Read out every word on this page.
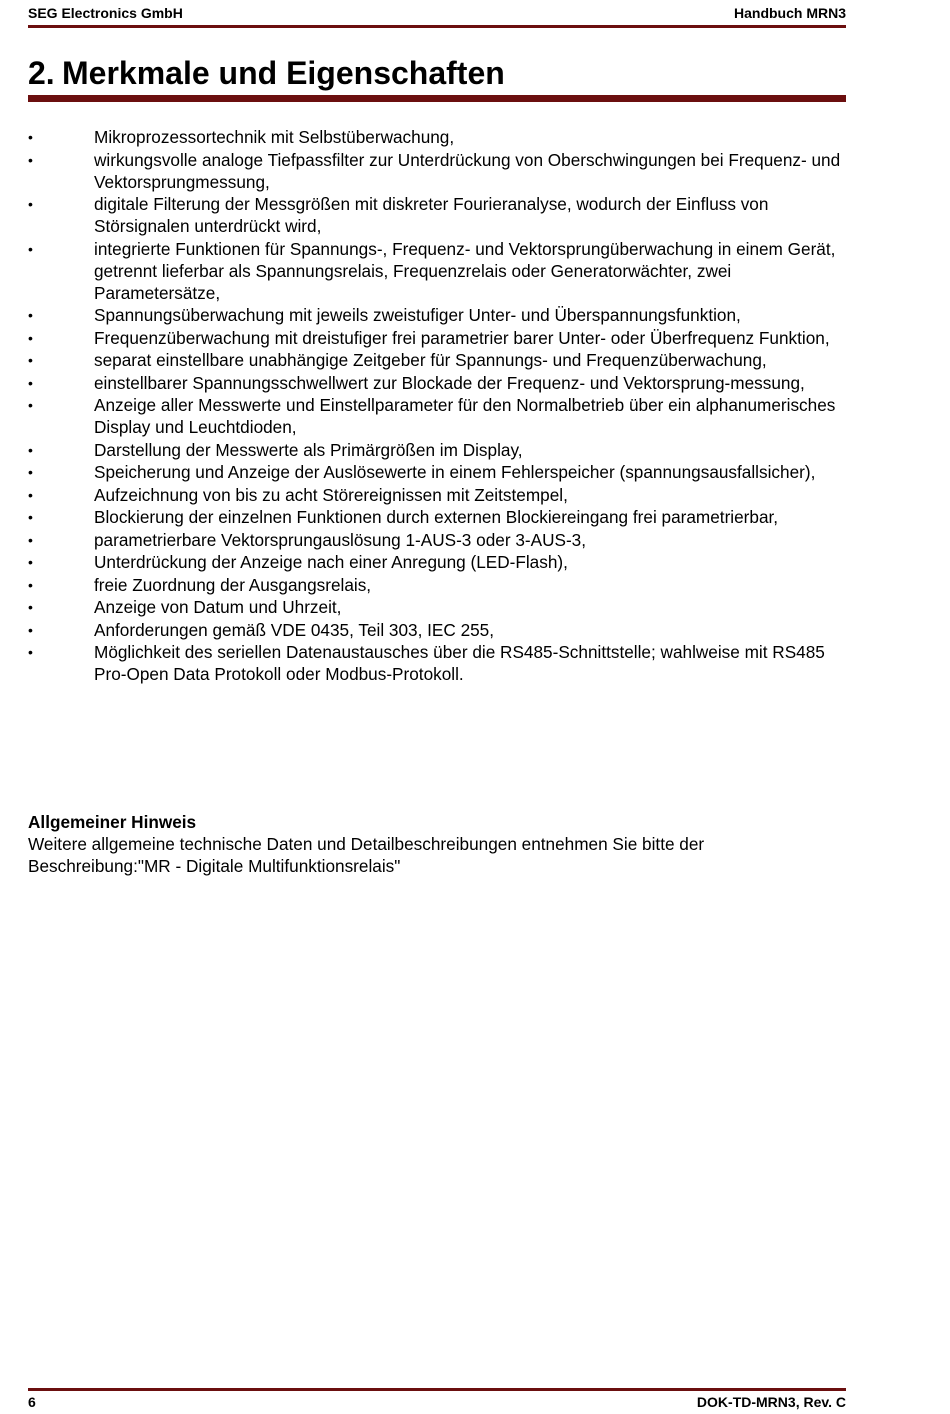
SEG Electronics GmbH	Handbuch MRN3
2. Merkmale und Eigenschaften
•	Mikroprozessortechnik mit Selbstüberwachung,
•	wirkungsvolle analoge Tiefpassfilter zur Unterdrückung von Oberschwingungen bei Frequenz- und Vektorsprungmessung,
•	digitale Filterung der Messgrößen mit diskreter Fourieranalyse, wodurch der Einfluss von Störsignalen unterdrückt wird,
•	integrierte Funktionen für Spannungs-, Frequenz- und Vektorsprungüberwachung in einem Gerät, getrennt lieferbar als Spannungsrelais, Frequenzrelais oder Generatorwächter, zwei Parametersätze,
•	Spannungsüberwachung mit jeweils zweistufiger Unter- und Überspannungsfunktion,
•	Frequenzüberwachung mit dreistufiger frei parametrier barer Unter- oder Überfrequenz Funktion,
•	separat einstellbare unabhängige Zeitgeber für Spannungs- und Frequenzüberwachung,
•	einstellbarer Spannungsschwellwert zur Blockade der Frequenz- und Vektorsprung-messung,
•	Anzeige aller Messwerte und Einstellparameter für den Normalbetrieb über ein alphanumerisches Display und Leuchtdioden,
•	Darstellung der Messwerte als Primärgrößen im Display,
•	Speicherung und Anzeige der Auslösewerte in einem Fehlerspeicher (spannungsausfallsicher),
•	Aufzeichnung von bis zu acht Störereignissen mit Zeitstempel,
•	Blockierung der einzelnen Funktionen durch externen Blockiereingang frei parametrierbar,
•	parametrierbare Vektorsprungauslösung 1-AUS-3 oder 3-AUS-3,
•	Unterdrückung der Anzeige nach einer Anregung (LED-Flash),
•	freie Zuordnung der Ausgangsrelais,
•	Anzeige von Datum und Uhrzeit,
•	Anforderungen gemäß VDE 0435, Teil 303, IEC 255,
•	Möglichkeit des seriellen Datenaustausches über die RS485-Schnittstelle; wahlweise mit RS485 Pro-Open Data Protokoll oder Modbus-Protokoll.
Allgemeiner Hinweis
Weitere allgemeine technische Daten und Detailbeschreibungen entnehmen Sie bitte der Beschreibung:"MR - Digitale Multifunktionsrelais"
6	DOK-TD-MRN3, Rev. C
